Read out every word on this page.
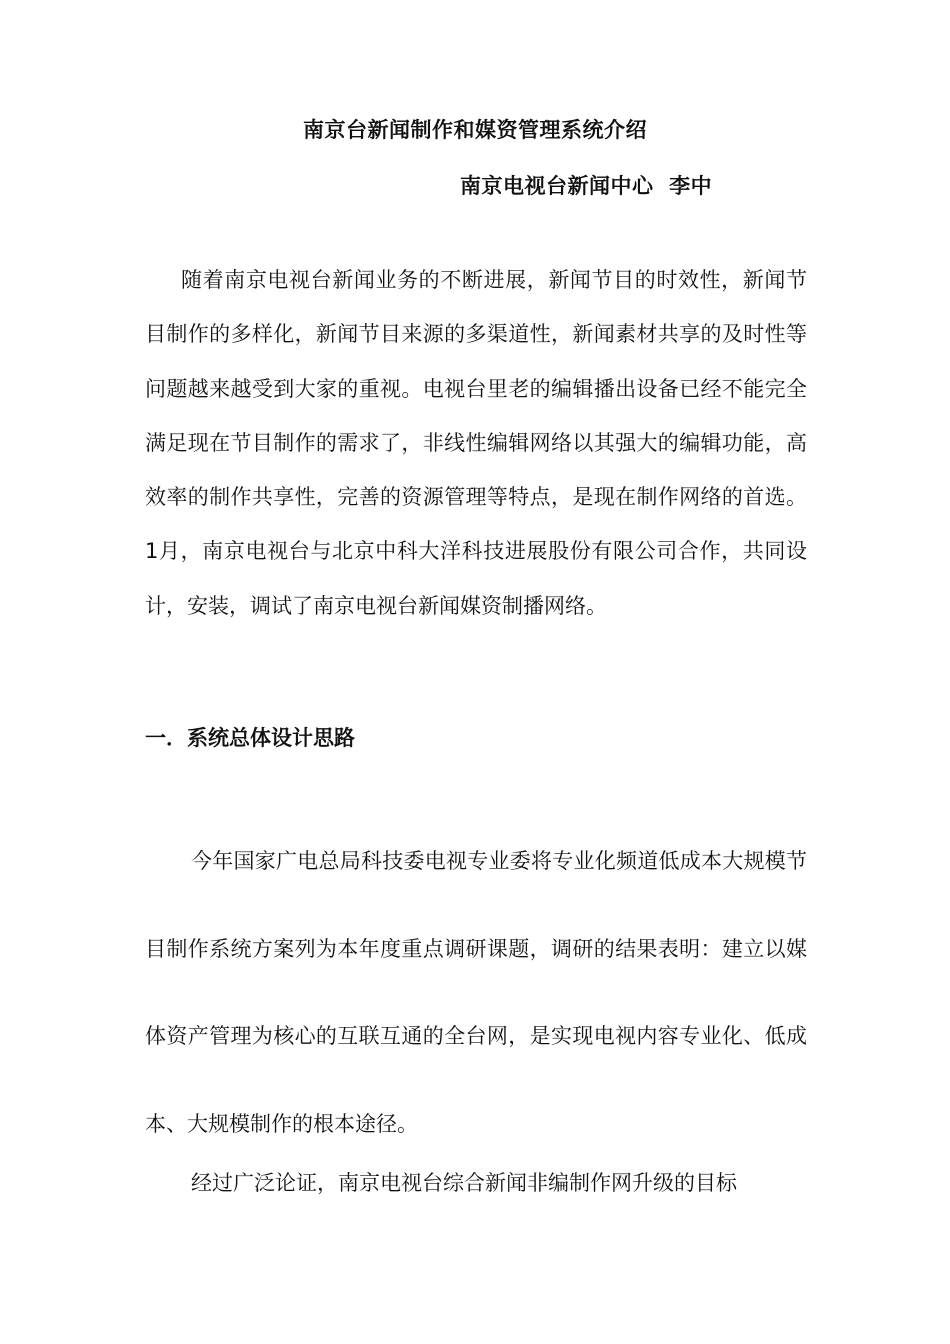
南京台新闻制作和媒资管理系统介绍
南京电视台新闻中心  李中

随着南京电视台新闻业务的不断进展，新闻节目的时效性，新闻节目制作的多样化，新闻节目来源的多渠道性，新闻素材共享的及时性等问题越来越受到大家的重视。电视台里老的编辑播出设备已经不能完全满足现在节目制作的需求了，非线性编辑网络以其强大的编辑功能，高效率的制作共享性，完善的资源管理等特点，是现在制作网络的首选。 1月，南京电视台与北京中科大洋科技进展股份有限公司合作，共同设计，安装，调试了南京电视台新闻媒资制播网络。

一．系统总体设计思路

今年国家广电总局科技委电视专业委将专业化频道低成本大规模节目制作系统方案列为本年度重点调研课题，调研的结果表明：建立以媒体资产管理为核心的互联互通的全台网，是实现电视内容专业化、低成本、大规模制作的根本途径。

经过广泛论证，南京电视台综合新闻非编制作网升级的目标
